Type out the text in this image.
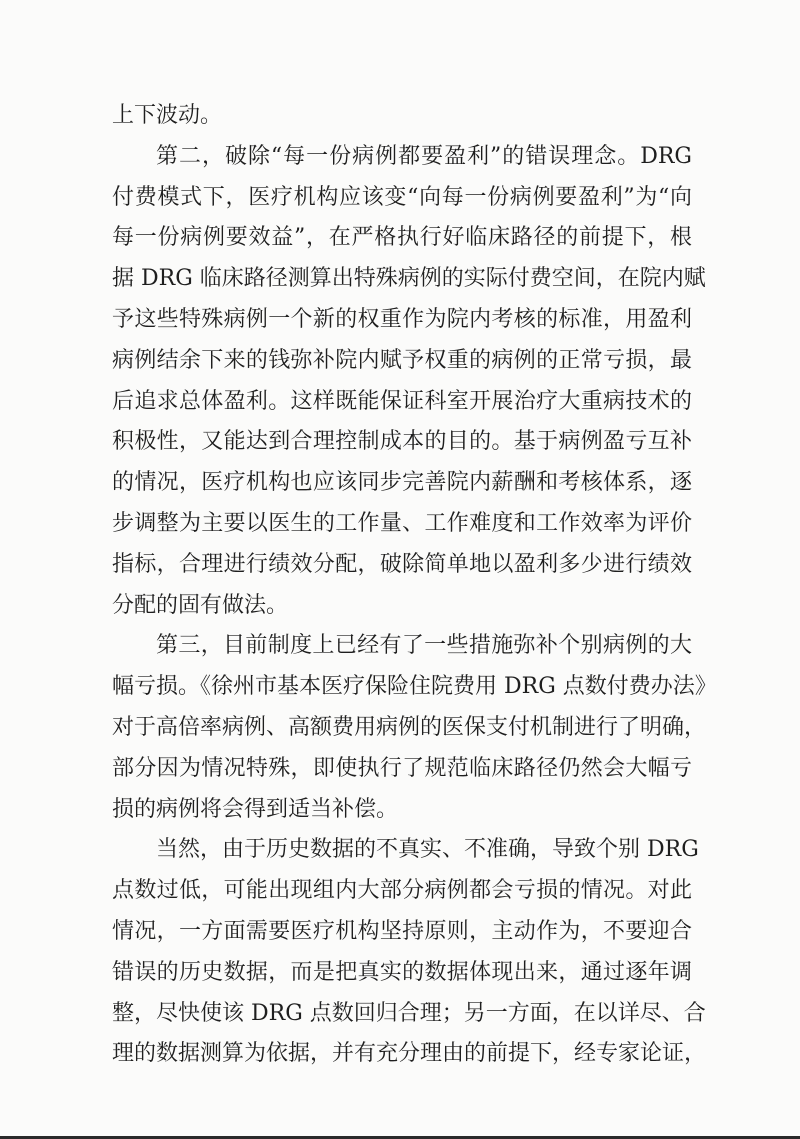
上下波动。
第二，破除“每一份病例都要盈利”的错误理念。DRG
付费模式下，医疗机构应该变“向每一份病例要盈利”为“向
每一份病例要效益”，在严格执行好临床路径的前提下，根
据 DRG 临床路径测算出特殊病例的实际付费空间，在院内赋
予这些特殊病例一个新的权重作为院内考核的标准，用盈利
病例结余下来的钱弥补院内赋予权重的病例的正常亏损，最
后追求总体盈利。这样既能保证科室开展治疗大重病技术的
积极性，又能达到合理控制成本的目的。基于病例盈亏互补
的情况，医疗机构也应该同步完善院内薪酬和考核体系，逐
步调整为主要以医生的工作量、工作难度和工作效率为评价
指标，合理进行绩效分配，破除简单地以盈利多少进行绩效
分配的固有做法。
第三，目前制度上已经有了一些措施弥补个别病例的大
幅亏损。《徐州市基本医疗保险住院费用 DRG 点数付费办法》
对于高倍率病例、高额费用病例的医保支付机制进行了明确，
部分因为情况特殊，即使执行了规范临床路径仍然会大幅亏
损的病例将会得到适当补偿。
当然，由于历史数据的不真实、不准确，导致个别 DRG
点数过低，可能出现组内大部分病例都会亏损的情况。对此
情况，一方面需要医疗机构坚持原则，主动作为，不要迎合
错误的历史数据，而是把真实的数据体现出来，通过逐年调
整，尽快使该 DRG 点数回归合理；另一方面，在以详尽、合
理的数据测算为依据，并有充分理由的前提下，经专家论证，
